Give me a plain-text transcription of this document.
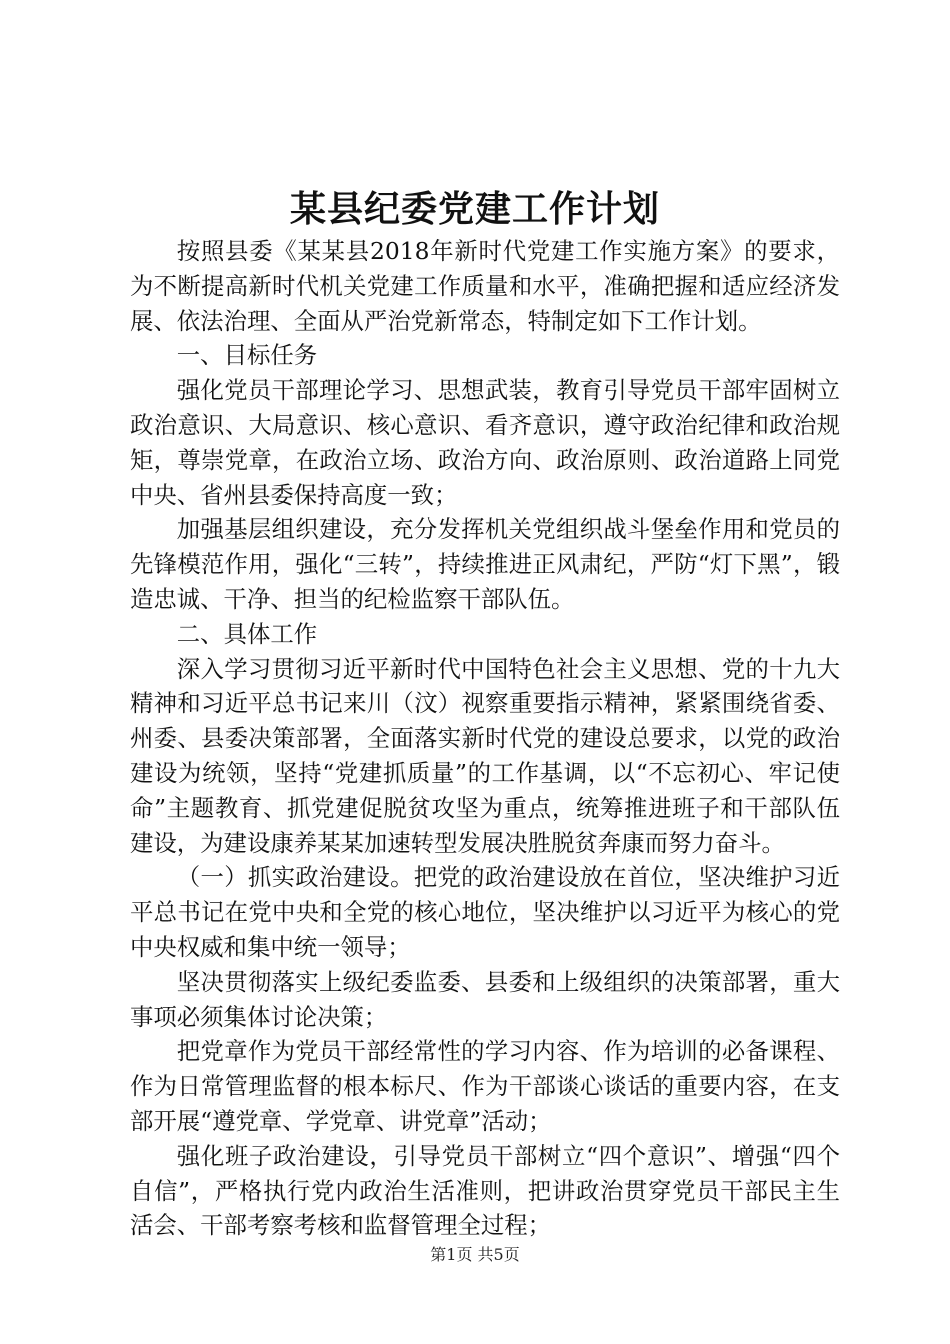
某县纪委党建工作计划

按照县委《某某县2018年新时代党建工作实施方案》的要求，为不断提高新时代机关党建工作质量和水平，准确把握和适应经济发展、依法治理、全面从严治党新常态，特制定如下工作计划。

一、目标任务

强化党员干部理论学习、思想武装，教育引导党员干部牢固树立政治意识、大局意识、核心意识、看齐意识，遵守政治纪律和政治规矩，尊崇党章，在政治立场、政治方向、政治原则、政治道路上同党中央、省州县委保持高度一致；

加强基层组织建设，充分发挥机关党组织战斗堡垒作用和党员的先锋模范作用，强化“三转”，持续推进正风肃纪，严防“灯下黑”，锻造忠诚、干净、担当的纪检监察干部队伍。

二、具体工作

深入学习贯彻习近平新时代中国特色社会主义思想、党的十九大精神和习近平总书记来川（汶）视察重要指示精神，紧紧围绕省委、州委、县委决策部署，全面落实新时代党的建设总要求，以党的政治建设为统领，坚持“党建抓质量”的工作基调，以“不忘初心、牢记使命”主题教育、抓党建促脱贫攻坚为重点，统筹推进班子和干部队伍建设，为建设康养某某加速转型发展决胜脱贫奔康而努力奋斗。

（一）抓实政治建设。把党的政治建设放在首位，坚决维护习近平总书记在党中央和全党的核心地位，坚决维护以习近平为核心的党中央权威和集中统一领导；

坚决贯彻落实上级纪委监委、县委和上级组织的决策部署，重大事项必须集体讨论决策；

把党章作为党员干部经常性的学习内容、作为培训的必备课程、作为日常管理监督的根本标尺、作为干部谈心谈话的重要内容，在支部开展“遵党章、学党章、讲党章”活动；

强化班子政治建设，引导党员干部树立“四个意识”、增强“四个自信”，严格执行党内政治生活准则，把讲政治贯穿党员干部民主生活会、干部考察考核和监督管理全过程；

第1页 共5页
